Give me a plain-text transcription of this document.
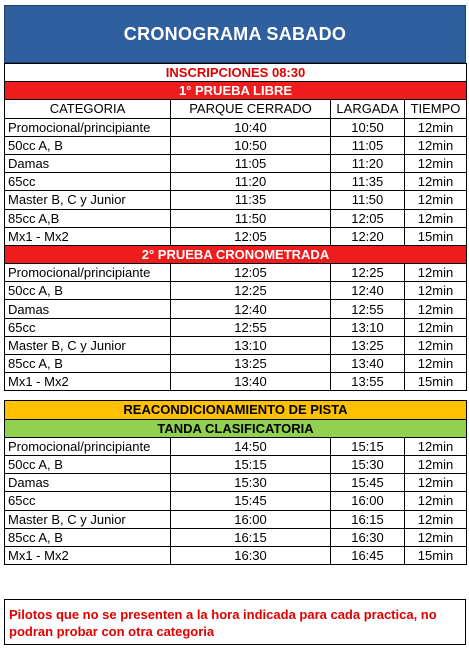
CRONOGRAMA SABADO
INSCRIPCIONES 08:30			
1° PRUEBA LIBRE			
CATEGORIA	PARQUE CERRADO	LARGADA	TIEMPO
Promocional/principiante	10:40	10:50	12min
50cc A, B	10:50	11:05	12min
Damas	11:05	11:20	12min
65cc	11:20	11:35	12min
Master B, C y Junior	11:35	11:50	12min
85cc A,B	11:50	12:05	12min
Mx1 - Mx2	12:05	12:20	15min
2° PRUEBA CRONOMETRADA			
Promocional/principiante	12:05	12:25	12min
50cc A, B	12:25	12:40	12min
Damas	12:40	12:55	12min
65cc	12:55	13:10	12min
Master B, C y Junior	13:10	13:25	12min
85cc A, B	13:25	13:40	12min
Mx1 - Mx2	13:40	13:55	15min

REACONDICIONAMIENTO DE PISTA			
TANDA CLASIFICATORIA			
Promocional/principiante	14:50	15:15	12min
50cc A, B	15:15	15:30	12min
Damas	15:30	15:45	12min
65cc	15:45	16:00	12min
Master B, C y Junior	16:00	16:15	12min
85cc A, B	16:15	16:30	12min
Mx1 - Mx2	16:30	16:45	15min
Pilotos que no se presenten a la hora indicada para cada practica, no podran probar con otra categoria
